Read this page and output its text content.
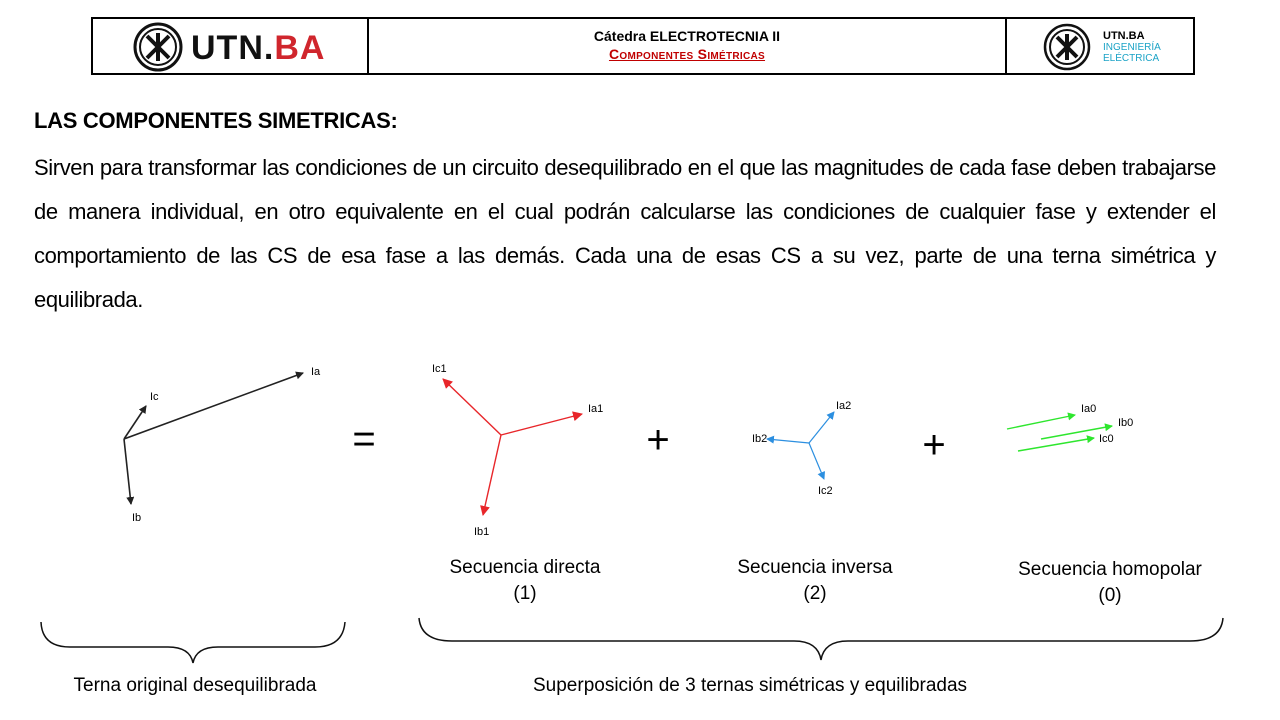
UTN.BA	Cátedra ELECTROTECNIA II
Componentes Simétricas
UTN.BA
INGENIERÍA
ELÉCTRICA
LAS COMPONENTES SIMETRICAS:
Sirven para transformar las condiciones de un circuito desequilibrado en el que las magnitudes de cada fase deben trabajarse de manera individual, en otro equivalente en el cual podrán calcularse las condiciones de cualquier fase y extender el comportamiento de las CS de esa fase a las demás. Cada una de esas CS a su vez, parte de una terna simétrica y equilibrada.
Ia
Ic
Ib
=
Ia1
Ic1
Ib1
+
Ia2
Ib2
Ic2
+
Ia0
Ib0
Ic0
Secuencia directa
(1)
Secuencia inversa
(2)
Secuencia homopolar
(0)
Terna original desequilibrada	Superposición de 3 ternas simétricas y equilibradas
